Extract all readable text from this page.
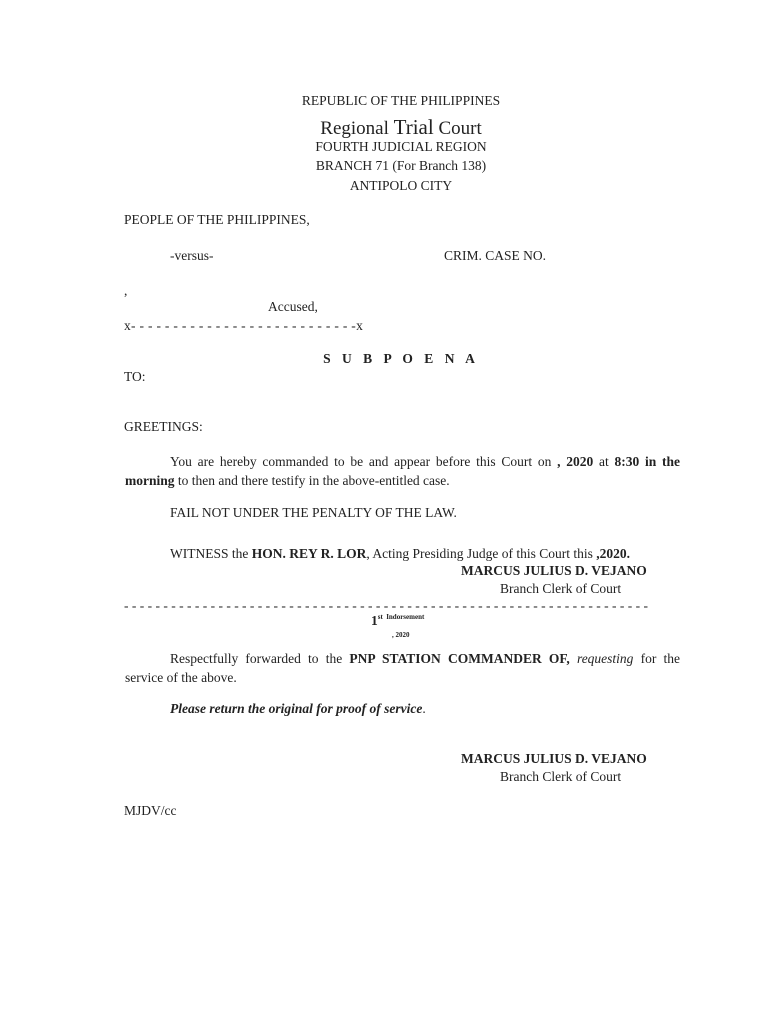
REPUBLIC OF THE PHILIPPINES
Regional Trial Court
FOURTH JUDICIAL REGION
BRANCH 71 (For Branch 138)
ANTIPOLO CITY
PEOPLE OF THE PHILIPPINES,
-versus-	CRIM. CASE NO.
,
Accused,
x- - - - - - - - - - - - - - - - - - - - - - - - - - -x
S U B P O E N A
TO:
GREETINGS:
You are hereby commanded to be and appear before this Court on , 2020 at 8:30 in the morning to then and there testify in the above-entitled case.
FAIL NOT UNDER THE PENALTY OF THE LAW.
WITNESS the HON. REY R. LOR, Acting Presiding Judge of this Court this ,2020.
MARCUS JULIUS D. VEJANO
Branch Clerk of Court
- - - - - - - - - - - - - - - - - - - - - - - - - - - - - - - - - - - - - - - - - - - - - - - - - - - - - - - - - - - - - - - - - - -
1st $^{Indorsement}$
, 2020
Respectfully forwarded to the PNP STATION COMMANDER OF, requesting for the service of the above.
Please return the original for proof of service.
MARCUS JULIUS D. VEJANO
Branch Clerk of Court
MJDV/cc
